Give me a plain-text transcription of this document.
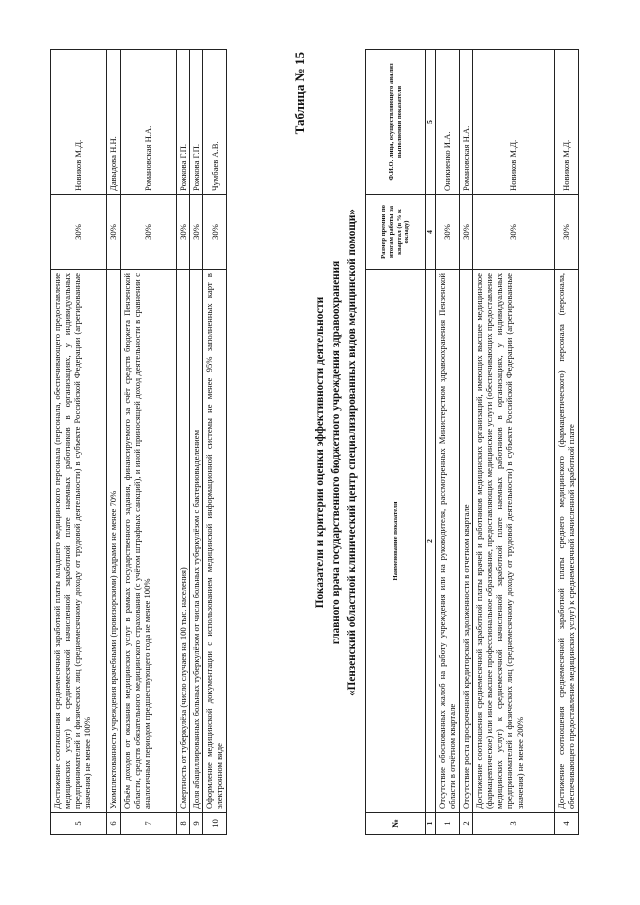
5	Достижение соотношения среднемесячной заработной платы младшего медицинского персонала (персонала, обеспечивающего предоставление медицинских услуг) к среднемесячной начисленной заработной плате наемных работников в организациях, у индивидуальных предпринимателей и физических лиц (среднемесячному доходу от трудовой деятельности) в субъекте Российской Федерации (агрегированные значения) не менее 100%	30%	Новиков М.Д.
6	Укомплектованность учреждения врачебными (провизорскими) кадрами не менее 70%	30%	Давыдова Н.Н.
7	Объём доходов от оказания медицинских услуг в рамках государственного задания, финансируемого за счёт средств бюджета Пензенской области, средств обязательного медицинского страхования (с учётом штрафных санкций), и иной приносящей доход деятельности в сравнении с аналогичным периодом предшествующего года не менее 100%	30%	Романовская Н.А.
8	Смертность от туберкулёза (число случаев на 100 тыс. населения)	30%	Рожкова Г.П.
9	Доля абациллированных больных туберкулёзом от числа больных туберкулёзом с бактериовыделением	30%	Рожкова Г.П.
10	Оформление медицинской документации с использованием медицинской информационной системы не менее 95% заполненных карт в электронном виде	30%	Чумбаев А.В.
Таблица № 15
Показатели и критерии оценки эффективности деятельности главного врача государственного бюджетного учреждения здравоохранения «Пензенский областной клинический центр специализированных видов медицинской помощи»
№	Наименование показателя	Размер премии по итогам работы за квартал (в % к окладу)	Ф.И.О. лица, осуществляющего анализ выполнения показателя
1	2	4	5
1	Отсутствие обоснованных жалоб на работу учреждения или на руководителя, рассмотренных Министерством здравоохранения Пензенской области в отчётном квартале	30%	Оникиенко И.А.
2	Отсутствие роста просроченной кредиторской задолженности в отчетном квартале	30%	Романовская Н.А.
3	Достижение соотношения среднемесячной заработной платы врачей и работников медицинских организаций, имеющих высшее медицинское (фармацевтическое) или иное высшее профессиональное образование, предоставляющих медицинские услуги (обеспечивающих предоставление медицинских услуг) к среднемесячной начисленной заработной плате наемных работников в организациях, у индивидуальных предпринимателей и физических лиц (среднемесячному доходу от трудовой деятельности) в субъекте Российской Федерации (агрегированные значения) не менее 200%	30%	Новиков М.Д.
4	Достижение соотношения среднемесячной заработной платы среднего медицинского (фармацевтического) персонала (персонала, обеспечивающего предоставление медицинских услуг) к среднемесячной начисленной заработной плате	30%	Новиков М.Д.
